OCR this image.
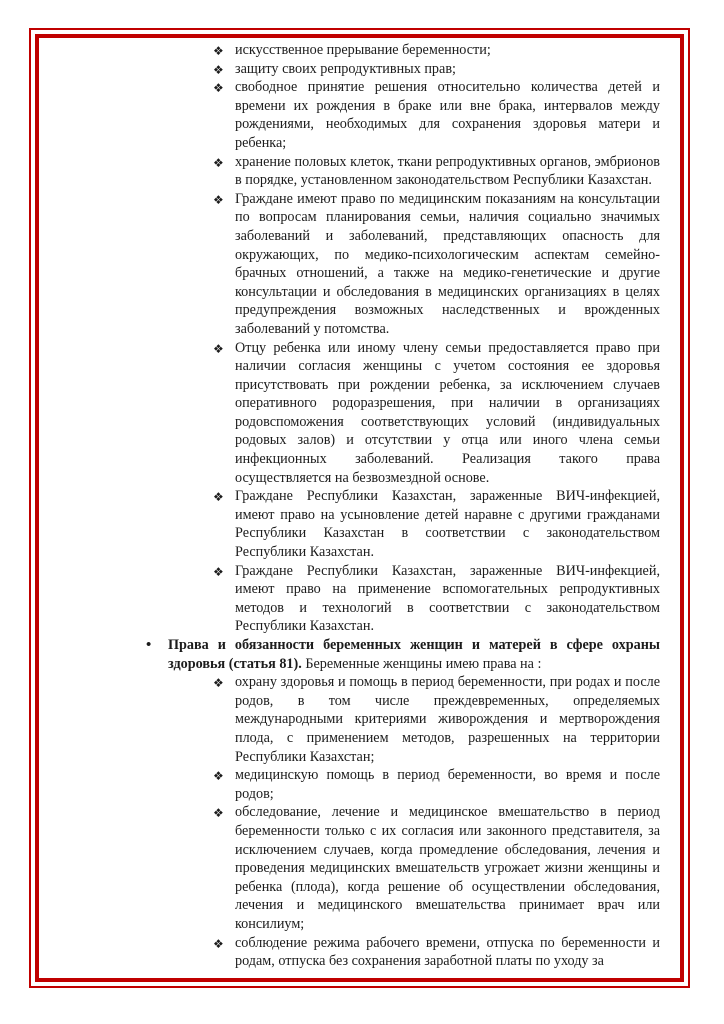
❖ искусственное прерывание беременности;
❖ защиту своих репродуктивных прав;
❖ свободное принятие решения относительно количества детей и времени их рождения в браке или вне брака, интервалов между рождениями, необходимых для сохранения здоровья матери и ребенка;
❖ хранение половых клеток, ткани репродуктивных органов, эмбрионов в порядке, установленном законодательством Республики Казахстан.
❖ Граждане имеют право по медицинским показаниям на консультации по вопросам планирования семьи, наличия социально значимых заболеваний и заболеваний, представляющих опасность для окружающих, по медико-психологическим аспектам семейно-брачных отношений, а также на медико-генетические и другие консультации и обследования в медицинских организациях в целях предупреждения возможных наследственных и врожденных заболеваний у потомства.
❖ Отцу ребенка или иному члену семьи предоставляется право при наличии согласия женщины с учетом состояния ее здоровья присутствовать при рождении ребенка, за исключением случаев оперативного родоразрешения, при наличии в организациях родовспоможения соответствующих условий (индивидуальных родовых залов) и отсутствии у отца или иного члена семьи инфекционных заболеваний. Реализация такого права осуществляется на безвозмездной основе.
❖ Граждане Республики Казахстан, зараженные ВИЧ-инфекцией, имеют право на усыновление детей наравне с другими гражданами Республики Казахстан в соответствии с законодательством Республики Казахстан.
❖ Граждане Республики Казахстан, зараженные ВИЧ-инфекцией, имеют право на применение вспомогательных репродуктивных методов и технологий в соответствии с законодательством Республики Казахстан.
• Права и обязанности беременных женщин и матерей в сфере охраны здоровья (статья 81). Беременные женщины имею права на :
❖ охрану здоровья и помощь в период беременности, при родах и после родов, в том числе преждевременных, определяемых международными критериями живорождения и мертворождения плода, с применением методов, разрешенных на территории Республики Казахстан;
❖ медицинскую помощь в период беременности, во время и после родов;
❖ обследование, лечение и медицинское вмешательство в период беременности только с их согласия или законного представителя, за исключением случаев, когда промедление обследования, лечения и проведения медицинских вмешательств угрожает жизни женщины и ребенка (плода), когда решение об осуществлении обследования, лечения и медицинского вмешательства принимает врач или консилиум;
❖ соблюдение режима рабочего времени, отпуска по беременности и родам, отпуска без сохранения заработной платы по уходу за
